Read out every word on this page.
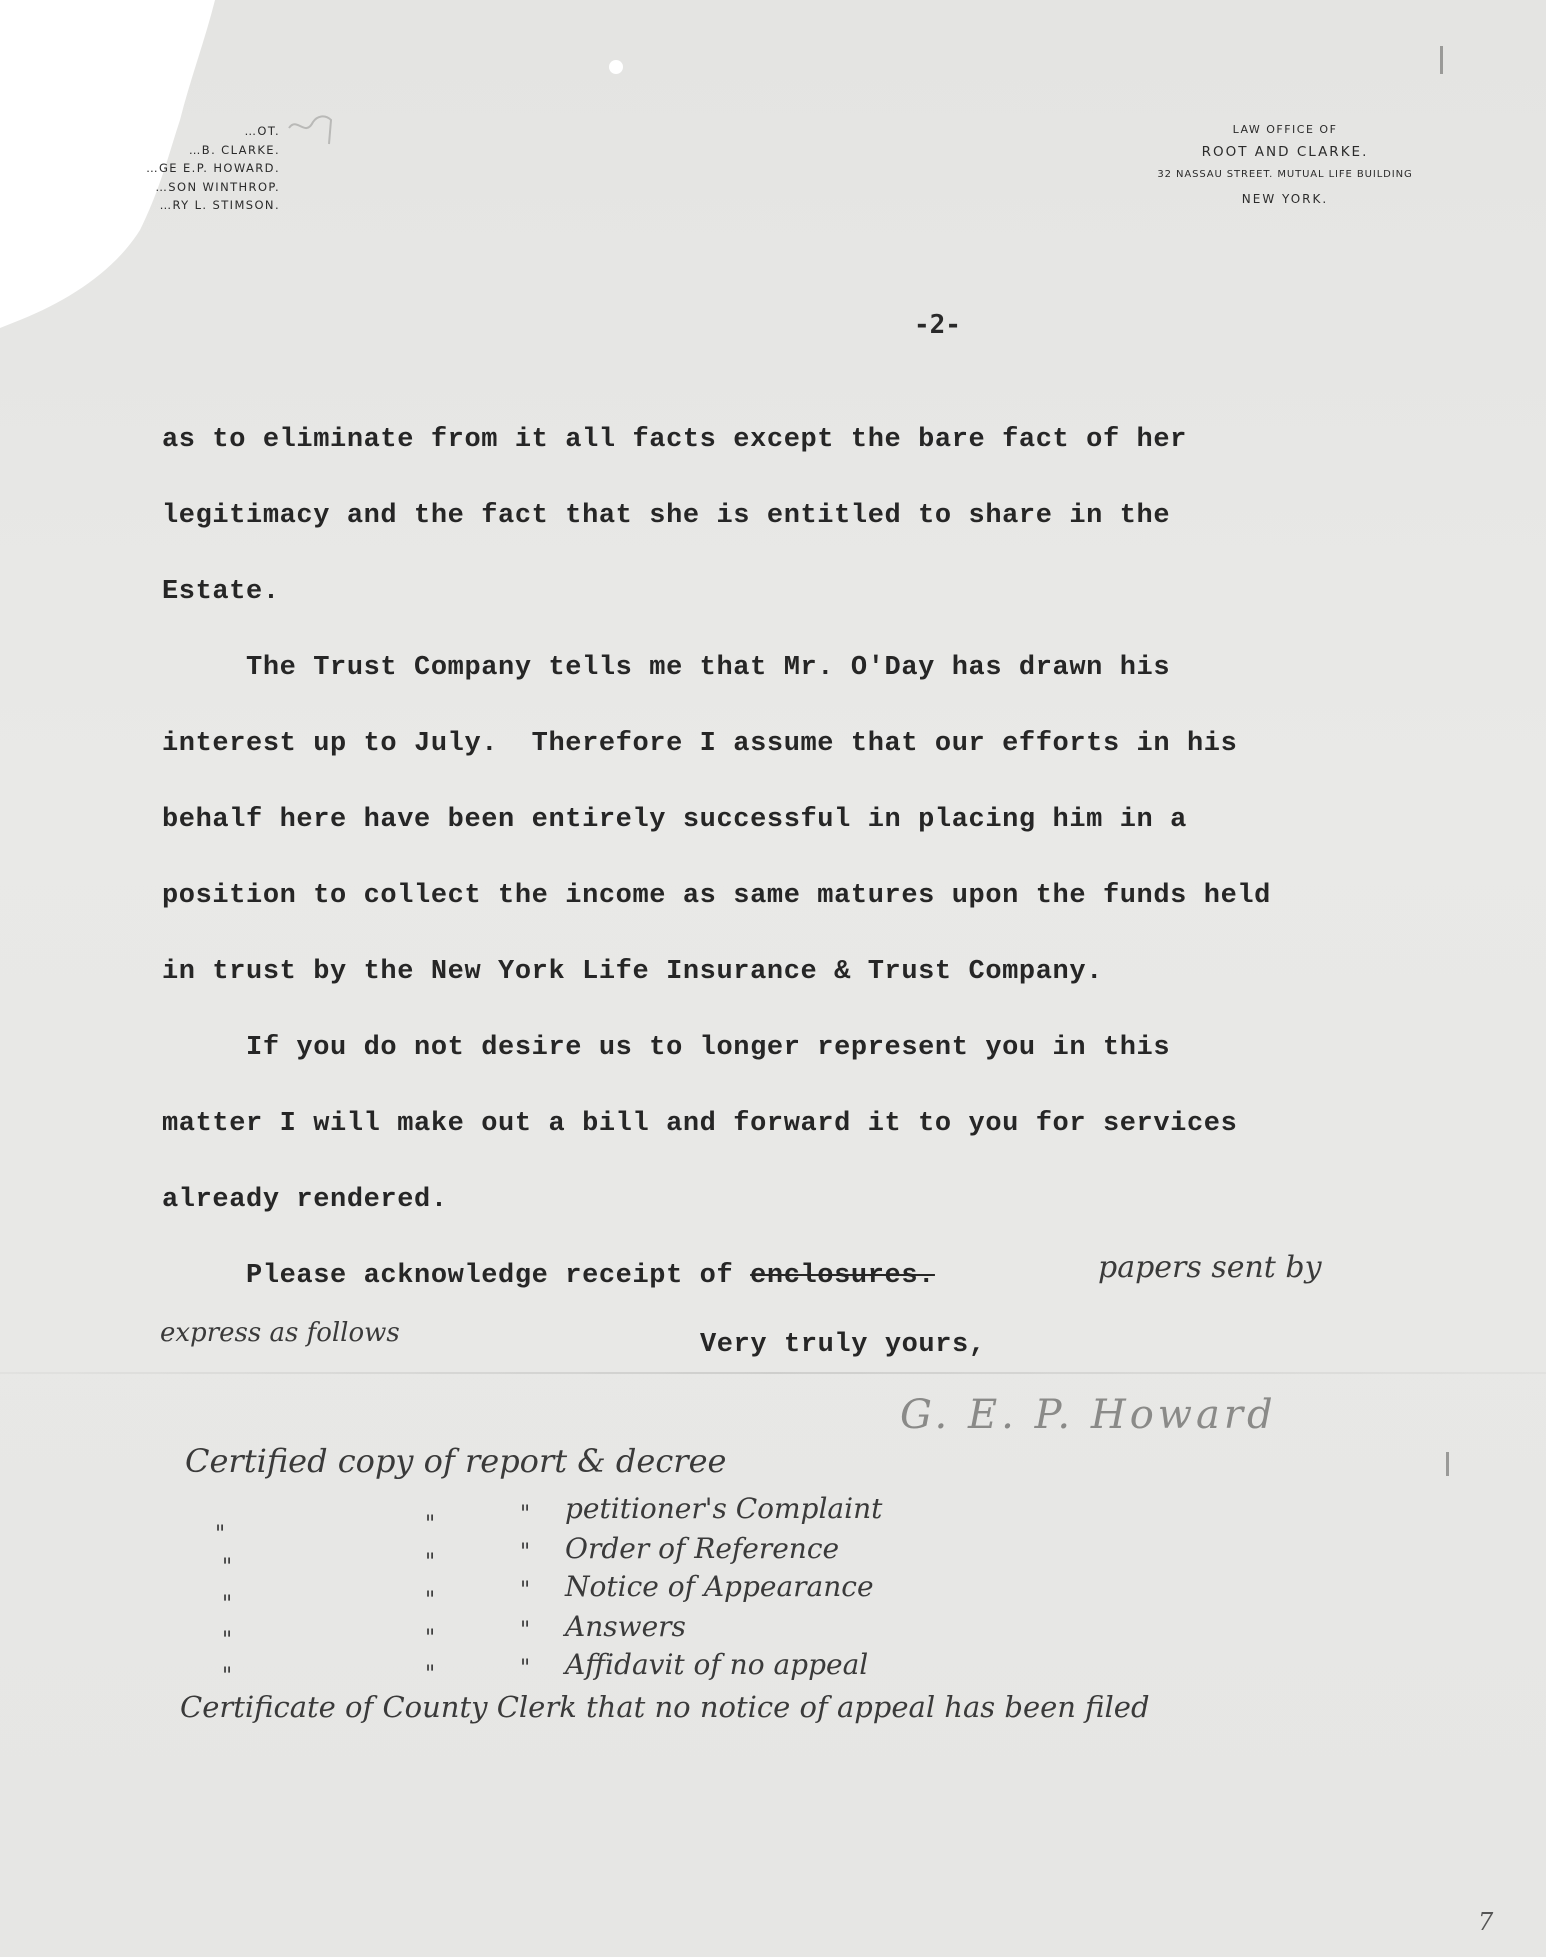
…OT.
…B. CLARKE.
…GE E.P. HOWARD.
…SON WINTHROP.
…RY L. STIMSON.
LAW OFFICE OF
ROOT AND CLARKE.
32 NASSAU STREET. MUTUAL LIFE BUILDING
NEW YORK.
-2-
as to eliminate from it all facts except the bare fact of her
legitimacy and the fact that she is entitled to share in the
Estate.
The Trust Company tells me that Mr. O'Day has drawn his
interest up to July.  Therefore I assume that our efforts in his
behalf here have been entirely successful in placing him in a
position to collect the income as same matures upon the funds held
in trust by the New York Life Insurance & Trust Company.
If you do not desire us to longer represent you in this
matter I will make out a bill and forward it to you for services
already rendered.
Please acknowledge receipt of enclosures.	papers sent by
express as follows	Very truly yours,
G. E. P. Howard
Certified copy of report & decree
petitioner's Complaint
Order of Reference
Notice of Appearance
Answers
Affidavit of no appeal
"
"
"
"
"
"
"
"
"
"
"
"
"
"
"
Certificate of County Clerk that no notice of appeal has been filed
7
